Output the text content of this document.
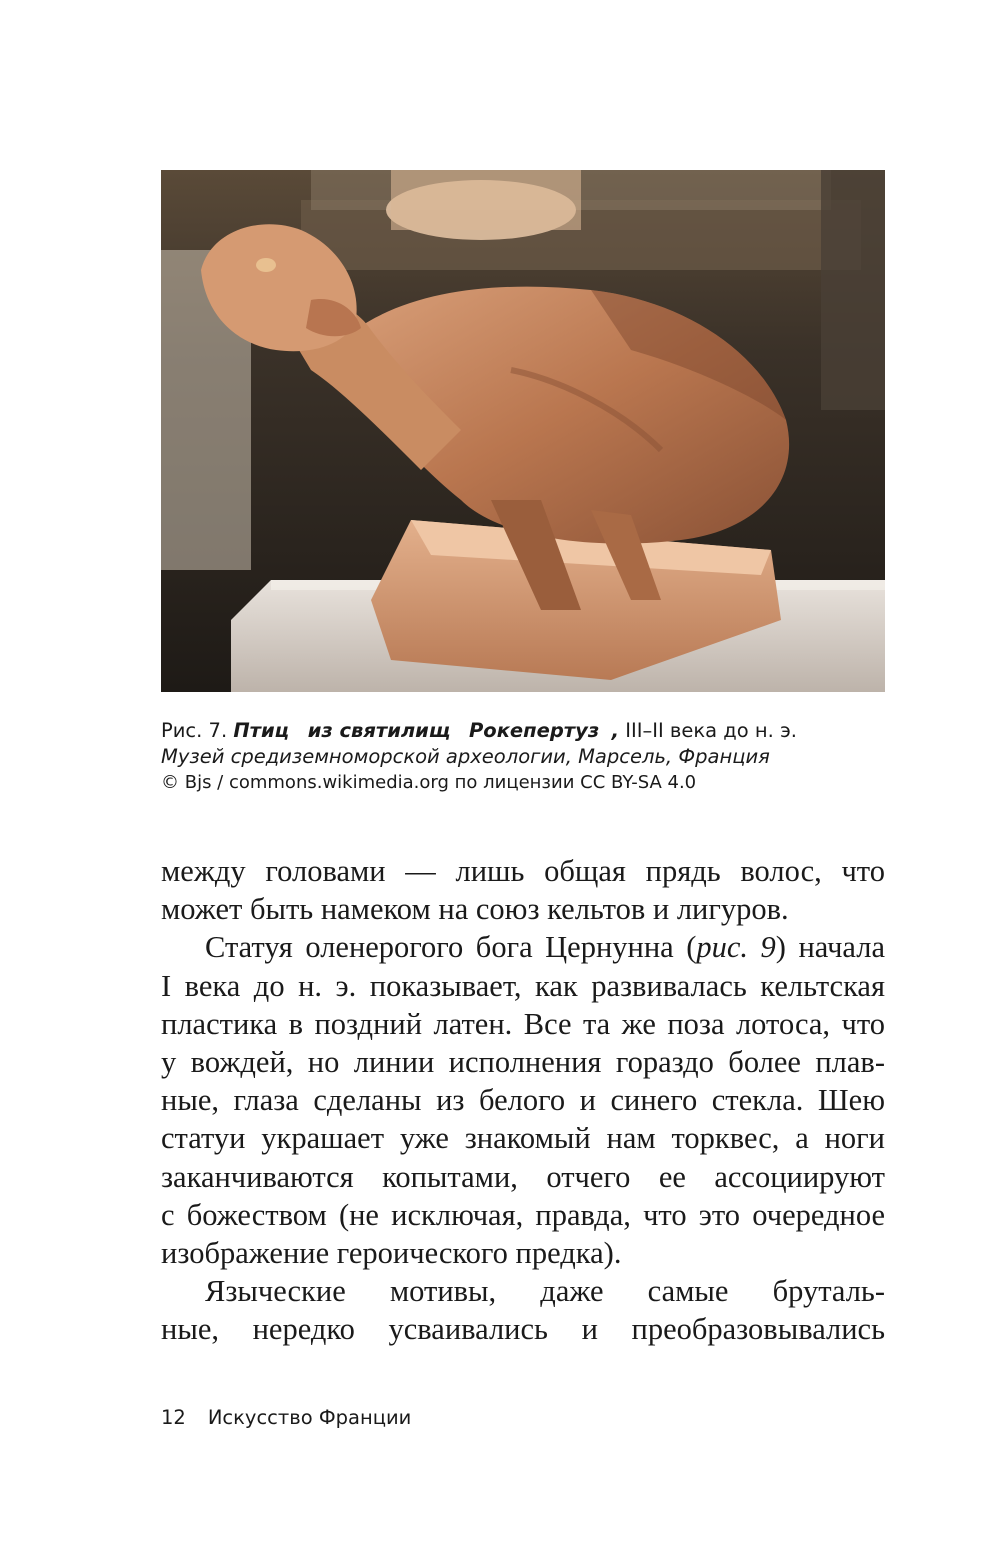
Рис. 7. Птиц из святилищ Рокепертуз , III–II века до н. э.
Музей средиземноморской археологии, Марсель, Франция
© Bjs / commons.wikimedia.org по лицензии CC BY-SA 4.0
между головами — лишь общая прядь волос, что
может быть намеком на союз кельтов и лигуров.
Статуя оленерогого бога Цернунна (рис. 9) начала
I века до н. э. показывает, как развивалась кельтская
пластика в поздний латен. Все та же поза лотоса, что
у вождей, но линии исполнения гораздо более плав-
ные, глаза сделаны из белого и синего стекла. Шею
статуи украшает уже знакомый нам торквес, а ноги
заканчиваются копытами, отчего ее ассоциируют
с божеством (не исключая, правда, что это очередное
изображение героического предка).
Языческие мотивы, даже самые бруталь-
ные, нередко усваивались и преобразовывались
12 Искусство Франции
